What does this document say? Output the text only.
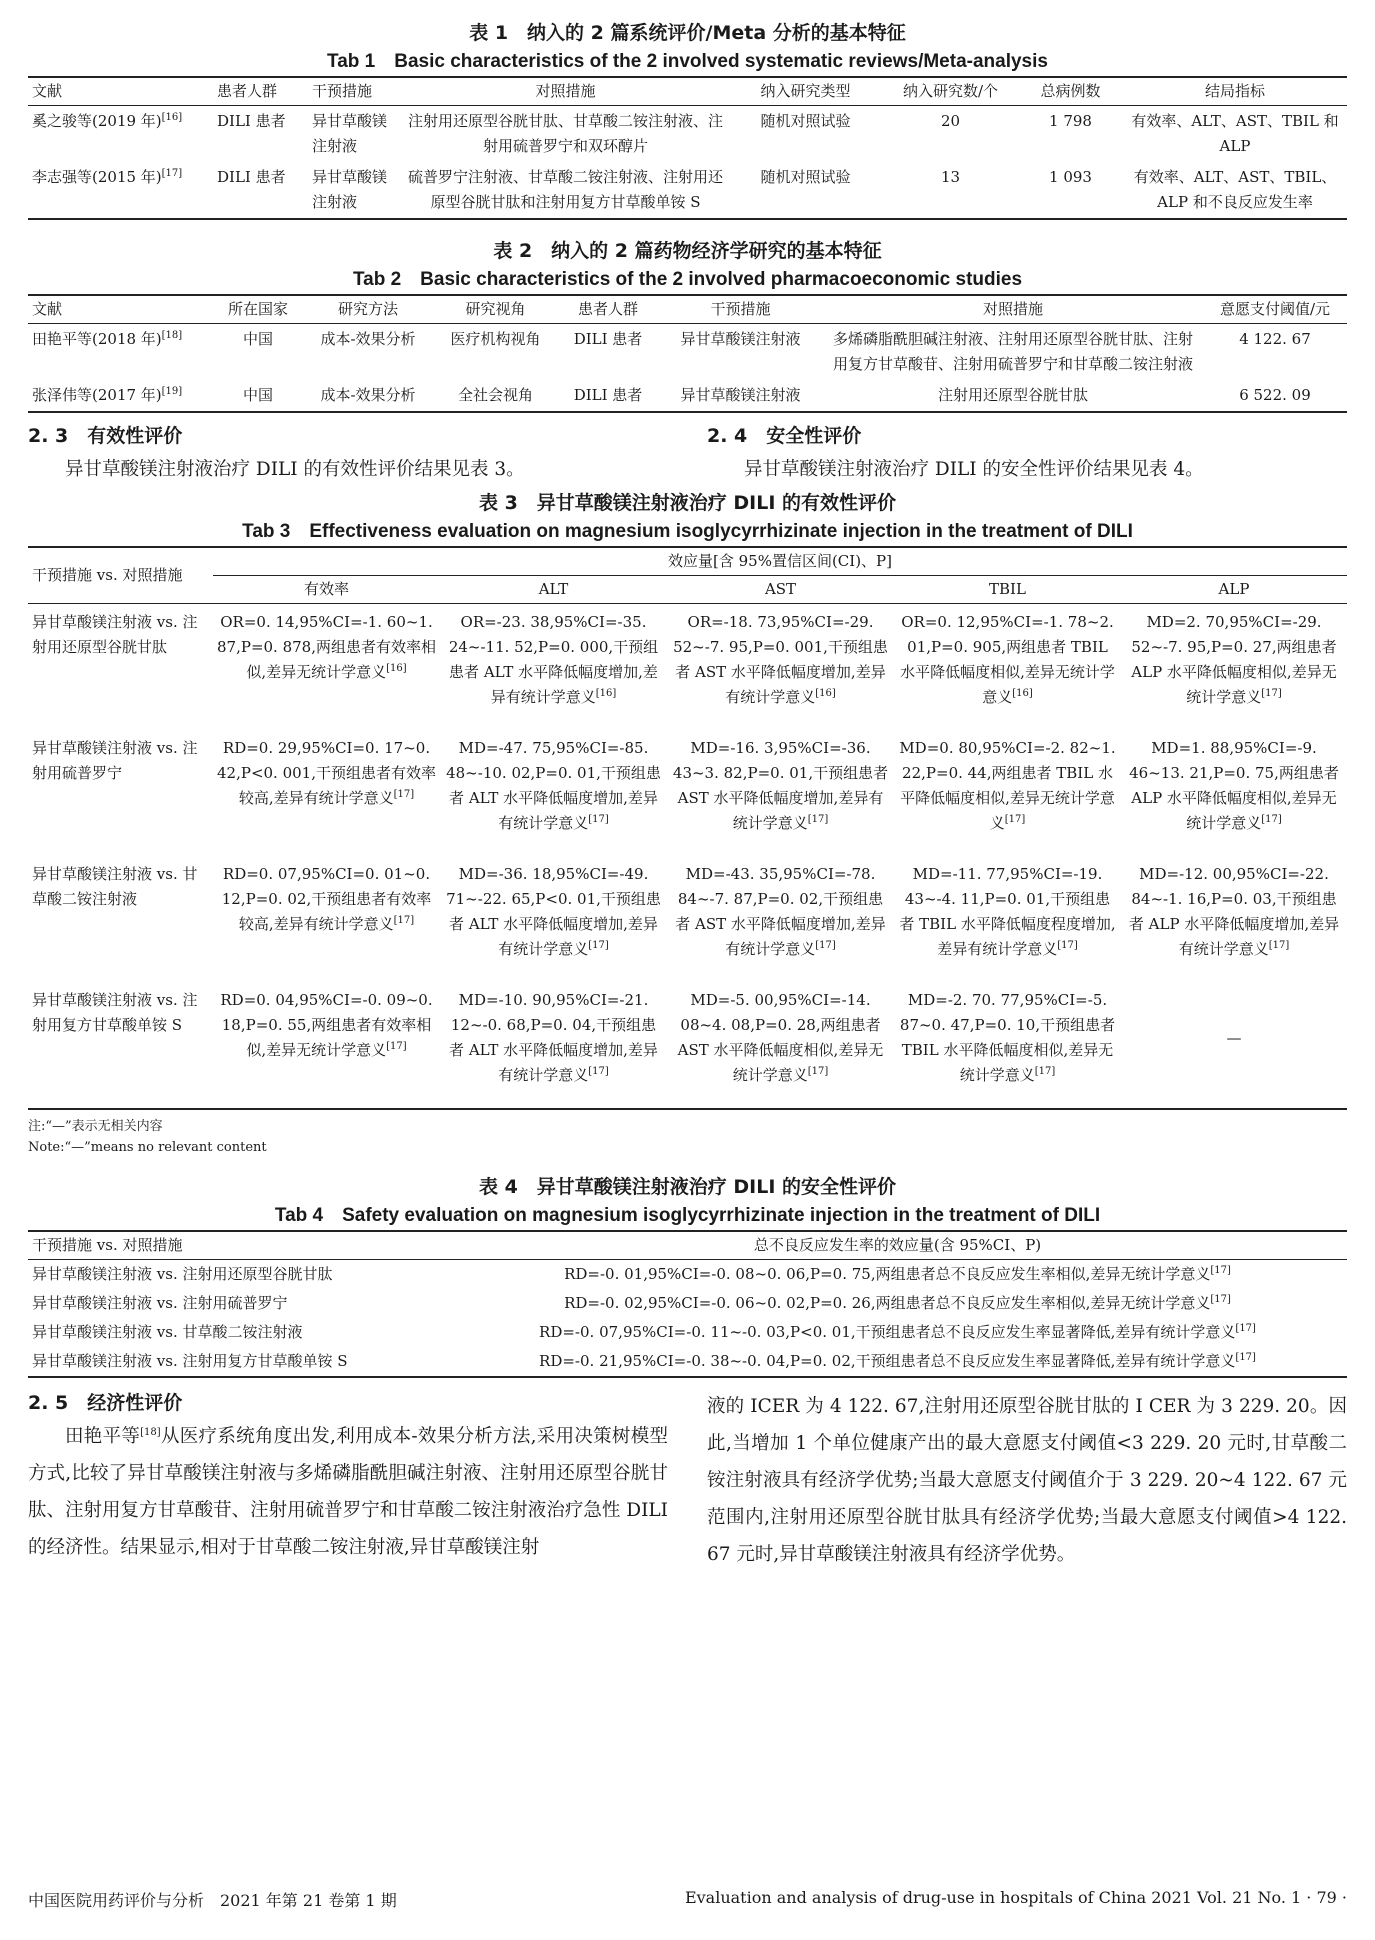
表 1　纳入的 2 篇系统评价/Meta 分析的基本特征

Tab 1　Basic characteristics of the 2 involved systematic reviews/Meta-analysis

文献	患者人群	干预措施	对照措施	纳入研究类型	纳入研究数/个	总病例数	结局指标
奚之骏等(2019 年)[16]	DILI 患者	异甘草酸镁注射液	注射用还原型谷胱甘肽、甘草酸二铵注射液、注射用硫普罗宁和双环醇片	随机对照试验	20	1 798	有效率、ALT、AST、TBIL 和 ALP
李志强等(2015 年)[17]	DILI 患者	异甘草酸镁注射液	硫普罗宁注射液、甘草酸二铵注射液、注射用还原型谷胱甘肽和注射用复方甘草酸单铵 S	随机对照试验	13	1 093	有效率、ALT、AST、TBIL、ALP 和不良反应发生率

表 2　纳入的 2 篇药物经济学研究的基本特征

Tab 2　Basic characteristics of the 2 involved pharmacoeconomic studies

文献	所在国家	研究方法	研究视角	患者人群	干预措施	对照措施	意愿支付阈值/元
田艳平等(2018 年)[18]	中国	成本-效果分析	医疗机构视角	DILI 患者	异甘草酸镁注射液	多烯磷脂酰胆碱注射液、注射用还原型谷胱甘肽、注射用复方甘草酸苷、注射用硫普罗宁和甘草酸二铵注射液	4 122. 67
张泽伟等(2017 年)[19]	中国	成本-效果分析	全社会视角	DILI 患者	异甘草酸镁注射液	注射用还原型谷胱甘肽	6 522. 09

2. 3　有效性评价

异甘草酸镁注射液治疗 DILI 的有效性评价结果见表 3。

2. 4　安全性评价

异甘草酸镁注射液治疗 DILI 的安全性评价结果见表 4。

表 3　异甘草酸镁注射液治疗 DILI 的有效性评价

Tab 3　Effectiveness evaluation on magnesium isoglycyrrhizinate injection in the treatment of DILI

干预措施 vs. 对照措施	效应量[含 95%置信区间(CI)、P]				
	有效率	ALT	AST	TBIL	ALP
异甘草酸镁注射液 vs. 注射用还原型谷胱甘肽	OR=0. 14,95%CI=-1. 60~1. 87,P=0. 878,两组患者有效率相似,差异无统计学意义[16]	OR=-23. 38,95%CI=-35. 24~-11. 52,P=0. 000,干预组患者 ALT 水平降低幅度增加,差异有统计学意义[16]	OR=-18. 73,95%CI=-29. 52~-7. 95,P=0. 001,干预组患者 AST 水平降低幅度增加,差异有统计学意义[16]	OR=0. 12,95%CI=-1. 78~2. 01,P=0. 905,两组患者 TBIL 水平降低幅度相似,差异无统计学意义[16]	MD=2. 70,95%CI=-29. 52~-7. 95,P=0. 27,两组患者 ALP 水平降低幅度相似,差异无统计学意义[17]
异甘草酸镁注射液 vs. 注射用硫普罗宁	RD=0. 29,95%CI=0. 17~0. 42,P<0. 001,干预组患者有效率较高,差异有统计学意义[17]	MD=-47. 75,95%CI=-85. 48~-10. 02,P=0. 01,干预组患者 ALT 水平降低幅度增加,差异有统计学意义[17]	MD=-16. 3,95%CI=-36. 43~3. 82,P=0. 01,干预组患者 AST 水平降低幅度增加,差异有统计学意义[17]	MD=0. 80,95%CI=-2. 82~1. 22,P=0. 44,两组患者 TBIL 水平降低幅度相似,差异无统计学意义[17]	MD=1. 88,95%CI=-9. 46~13. 21,P=0. 75,两组患者 ALP 水平降低幅度相似,差异无统计学意义[17]
异甘草酸镁注射液 vs. 甘草酸二铵注射液	RD=0. 07,95%CI=0. 01~0. 12,P=0. 02,干预组患者有效率较高,差异有统计学意义[17]	MD=-36. 18,95%CI=-49. 71~-22. 65,P<0. 01,干预组患者 ALT 水平降低幅度增加,差异有统计学意义[17]	MD=-43. 35,95%CI=-78. 84~-7. 87,P=0. 02,干预组患者 AST 水平降低幅度增加,差异有统计学意义[17]	MD=-11. 77,95%CI=-19. 43~-4. 11,P=0. 01,干预组患者 TBIL 水平降低幅度程度增加,差异有统计学意义[17]	MD=-12. 00,95%CI=-22. 84~-1. 16,P=0. 03,干预组患者 ALP 水平降低幅度增加,差异有统计学意义[17]
异甘草酸镁注射液 vs. 注射用复方甘草酸单铵 S	RD=0. 04,95%CI=-0. 09~0. 18,P=0. 55,两组患者有效率相似,差异无统计学意义[17]	MD=-10. 90,95%CI=-21. 12~-0. 68,P=0. 04,干预组患者 ALT 水平降低幅度增加,差异有统计学意义[17]	MD=-5. 00,95%CI=-14. 08~4. 08,P=0. 28,两组患者 AST 水平降低幅度相似,差异无统计学意义[17]	MD=-2. 70. 77,95%CI=-5. 87~0. 47,P=0. 10,干预组患者 TBIL 水平降低幅度相似,差异无统计学意义[17]	—
注:“—”表示无相关内容
Note:“—”means no relevant content

表 4　异甘草酸镁注射液治疗 DILI 的安全性评价

Tab 4　Safety evaluation on magnesium isoglycyrrhizinate injection in the treatment of DILI

干预措施 vs. 对照措施	总不良反应发生率的效应量(含 95%CI、P)
异甘草酸镁注射液 vs. 注射用还原型谷胱甘肽	RD=-0. 01,95%CI=-0. 08~0. 06,P=0. 75,两组患者总不良反应发生率相似,差异无统计学意义[17]
异甘草酸镁注射液 vs. 注射用硫普罗宁	RD=-0. 02,95%CI=-0. 06~0. 02,P=0. 26,两组患者总不良反应发生率相似,差异无统计学意义[17]
异甘草酸镁注射液 vs. 甘草酸二铵注射液	RD=-0. 07,95%CI=-0. 11~-0. 03,P<0. 01,干预组患者总不良反应发生率显著降低,差异有统计学意义[17]
异甘草酸镁注射液 vs. 注射用复方甘草酸单铵 S	RD=-0. 21,95%CI=-0. 38~-0. 04,P=0. 02,干预组患者总不良反应发生率显著降低,差异有统计学意义[17]

2. 5　经济性评价

田艳平等[18]从医疗系统角度出发,利用成本-效果分析方法,采用决策树模型方式,比较了异甘草酸镁注射液与多烯磷脂酰胆碱注射液、注射用还原型谷胱甘肽、注射用复方甘草酸苷、注射用硫普罗宁和甘草酸二铵注射液治疗急性 DILI 的经济性。结果显示,相对于甘草酸二铵注射液,异甘草酸镁注射

液的 ICER 为 4 122. 67,注射用还原型谷胱甘肽的 I CER 为 3 229. 20。因此,当增加 1 个单位健康产出的最大意愿支付阈值<3 229. 20 元时,甘草酸二铵注射液具有经济学优势;当最大意愿支付阈值介于 3 229. 20~4 122. 67 元范围内,注射用还原型谷胱甘肽具有经济学优势;当最大意愿支付阈值>4 122. 67 元时,异甘草酸镁注射液具有经济学优势。

中国医院用药评价与分析　2021 年第 21 卷第 1 期	Evaluation and analysis of drug-use in hospitals of China 2021 Vol. 21 No. 1 · 79 ·
